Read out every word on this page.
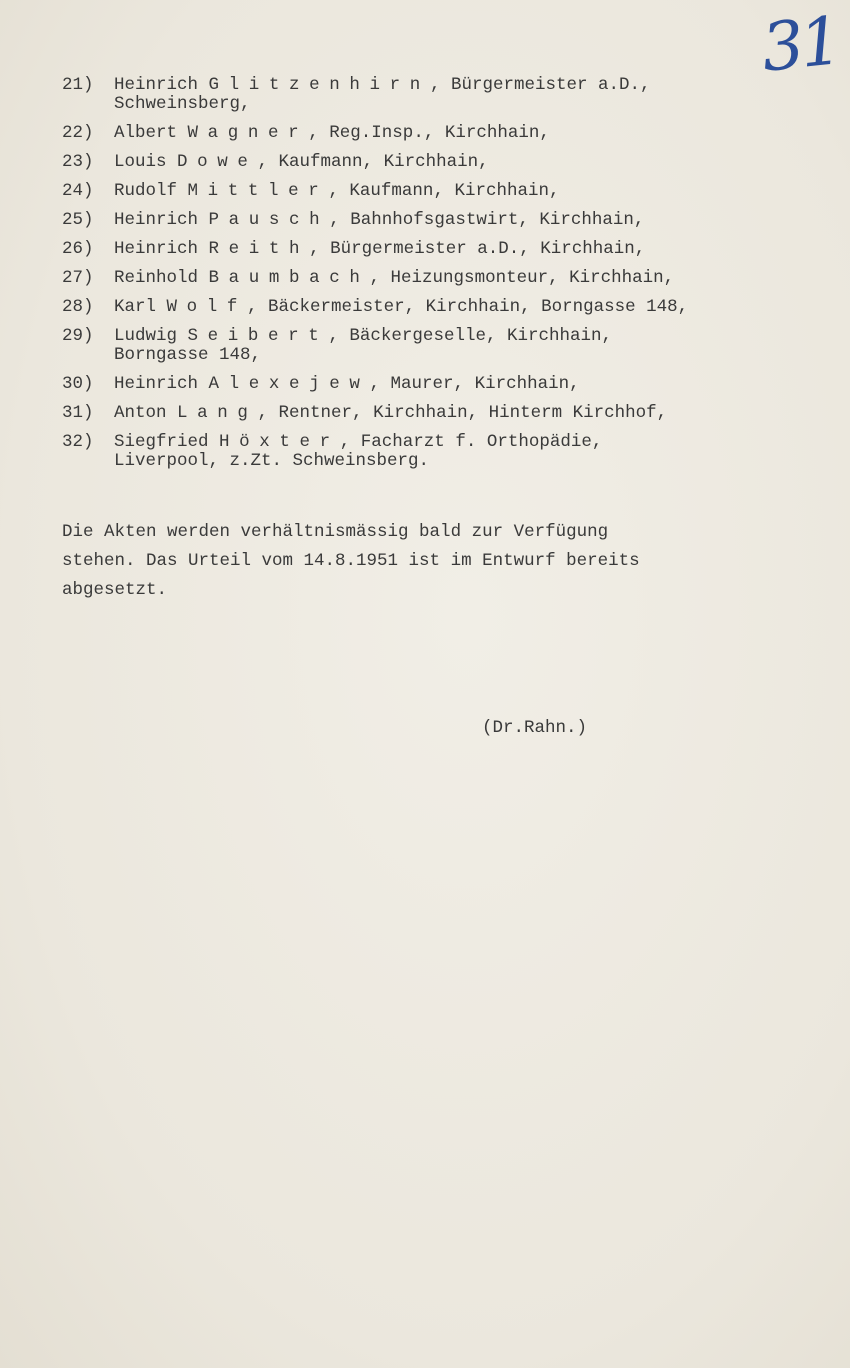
31
21)	Heinrich Glitzenhirn, Bürgermeister a.D.,
Schweinsberg,
22)	Albert Wagner, Reg.Insp., Kirchhain,
23)	Louis Dowe, Kaufmann, Kirchhain,
24)	Rudolf Mittler, Kaufmann, Kirchhain,
25)	Heinrich Pausch, Bahnhofsgastwirt, Kirchhain,
26)	Heinrich Reith, Bürgermeister a.D., Kirchhain,
27)	Reinhold Baumbach, Heizungsmonteur, Kirchhain,
28)	Karl Wolf, Bäckermeister, Kirchhain, Borngasse 148,
29)	Ludwig Seibert, Bäckergeselle, Kirchhain,
Borngasse 148,
30)	Heinrich Alexejew, Maurer, Kirchhain,
31)	Anton Lang, Rentner, Kirchhain, Hinterm Kirchhof,
32)	Siegfried Höxter, Facharzt f. Orthopädie,
Liverpool, z.Zt. Schweinsberg.
Die Akten werden verhältnismässig bald zur Verfügung
stehen. Das Urteil vom 14.8.1951 ist im Entwurf bereits
abgesetzt.
(Dr.Rahn.)
